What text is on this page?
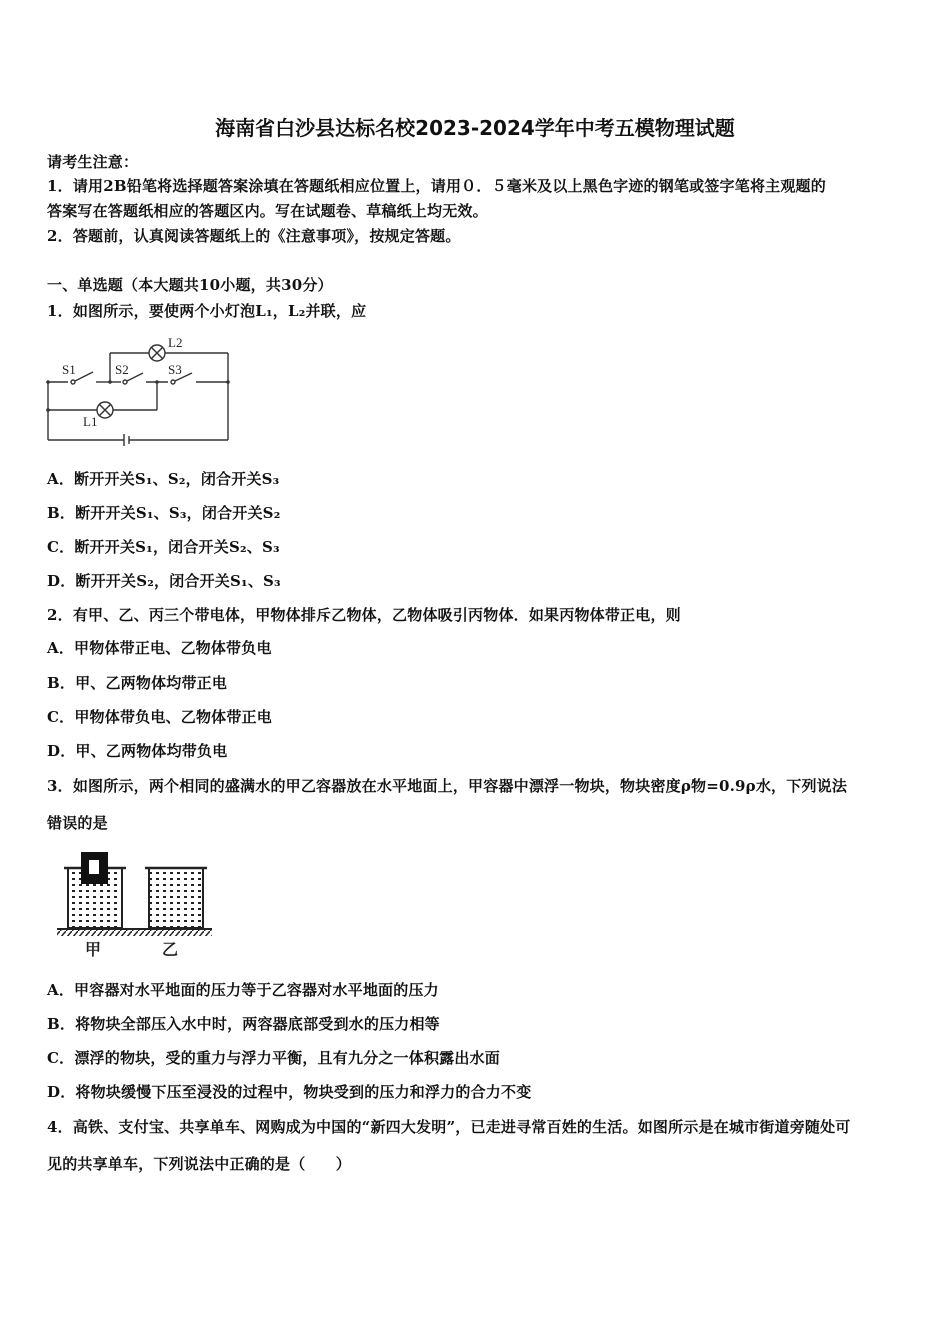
海南省白沙县达标名校2023-2024学年中考五模物理试题
请考生注意：
1．请用2B铅笔将选择题答案涂填在答题纸相应位置上，请用０．５毫米及以上黑色字迹的钢笔或签字笔将主观题的
答案写在答题纸相应的答题区内。写在试题卷、草稿纸上均无效。
2．答题前，认真阅读答题纸上的《注意事项》，按规定答题。
一、单选题（本大题共10小题，共30分）
1．如图所示，要使两个小灯泡L₁，L₂并联，应
S1	S2	S3
L1
L2
甲	乙
A．断开开关S₁、S₂，闭合开关S₃
B．断开开关S₁、S₃，闭合开关S₂
C．断开开关S₁，闭合开关S₂、S₃
D．断开开关S₂，闭合开关S₁、S₃
2．有甲、乙、丙三个带电体，甲物体排斥乙物体，乙物体吸引丙物体．如果丙物体带正电，则
A．甲物体带正电、乙物体带负电
B．甲、乙两物体均带正电
C．甲物体带负电、乙物体带正电
D．甲、乙两物体均带负电
3．如图所示，两个相同的盛满水的甲乙容器放在水平地面上，甲容器中漂浮一物块，物块密度ρ物=0.9ρ水，下列说法
错误的是
A．甲容器对水平地面的压力等于乙容器对水平地面的压力
B．将物块全部压入水中时，两容器底部受到水的压力相等
C．漂浮的物块，受的重力与浮力平衡，且有九分之一体积露出水面
D．将物块缓慢下压至浸没的过程中，物块受到的压力和浮力的合力不变
4．高铁、支付宝、共享单车、网购成为中国的“新四大发明”，已走进寻常百姓的生活。如图所示是在城市街道旁随处可
见的共享单车，下列说法中正确的是（　　）
